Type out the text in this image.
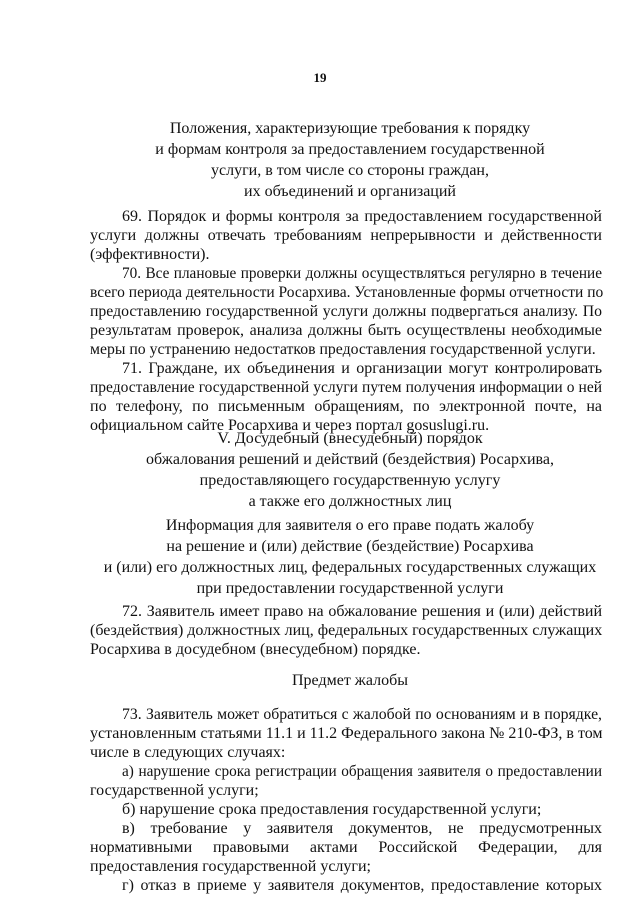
19
Положения, характеризующие требования к порядку
и формам контроля за предоставлением государственной
услуги, в том числе со стороны граждан,
их объединений и организаций
69. Порядок и формы контроля за предоставлением государственной
услуги должны отвечать требованиям непрерывности и действенности
(эффективности).
70. Все плановые проверки должны осуществляться регулярно в течение
всего периода деятельности Росархива. Установленные формы отчетности по
предоставлению государственной услуги должны подвергаться анализу. По
результатам проверок, анализа должны быть осуществлены необходимые
меры по устранению недостатков предоставления государственной услуги.
71. Граждане, их объединения и организации могут контролировать
предоставление государственной услуги путем получения информации о ней
по телефону, по письменным обращениям, по электронной почте, на
официальном сайте Росархива и через портал gosuslugi.ru.
V. Досудебный (внесудебный) порядок
обжалования решений и действий (бездействия) Росархива,
предоставляющего государственную услугу
а также его должностных лиц
Информация для заявителя о его праве подать жалобу
на решение и (или) действие (бездействие) Росархива
и (или) его должностных лиц, федеральных государственных служащих
при предоставлении государственной услуги
72. Заявитель имеет право на обжалование решения и (или) действий
(бездействия) должностных лиц, федеральных государственных служащих
Росархива в досудебном (внесудебном) порядке.
Предмет жалобы
73. Заявитель может обратиться с жалобой по основаниям и в порядке,
установленным статьями 11.1 и 11.2 Федерального закона № 210-ФЗ, в том
числе в следующих случаях:
а) нарушение срока регистрации обращения заявителя о предоставлении
государственной услуги;
б) нарушение срока предоставления государственной услуги;
в) требование у заявителя документов, не предусмотренных
нормативными правовыми актами Российской Федерации, для
предоставления государственной услуги;
г) отказ в приеме у заявителя документов, предоставление которых
